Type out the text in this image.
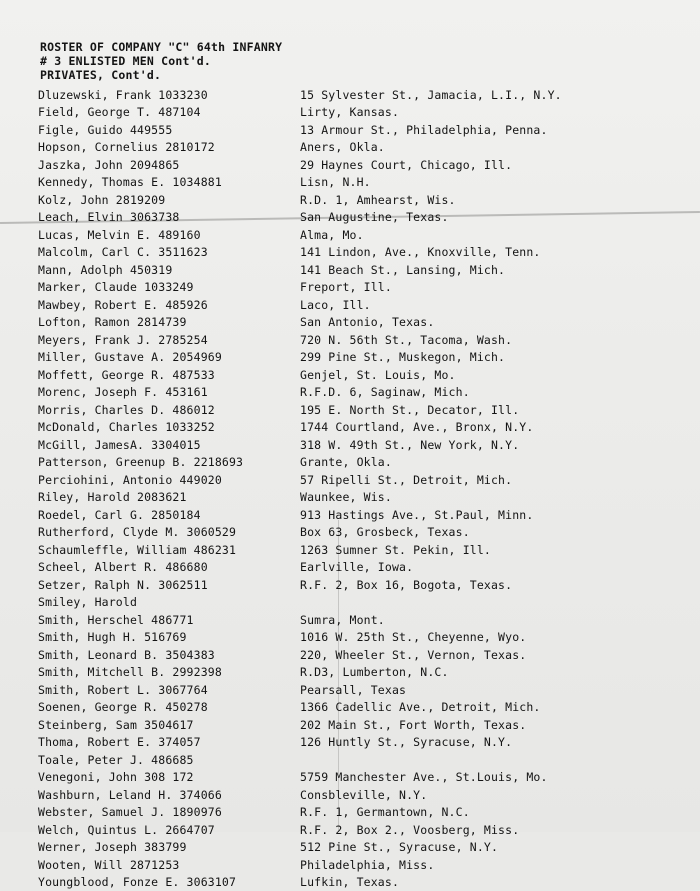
ROSTER OF COMPANY "C" 64th INFANRY
# 3 ENLISTED MEN Cont'd.
PRIVATES, Cont'd.
Dluzewski, Frank 1033230	15 Sylvester St., Jamacia, L.I., N.Y.
Field, George T. 487104	Lirty, Kansas.
Figle, Guido 449555	13 Armour St., Philadelphia, Penna.
Hopson, Cornelius 2810172	Aners, Okla.
Jaszka, John 2094865	29 Haynes Court, Chicago, Ill.
Kennedy, Thomas E. 1034881	Lisn, N.H.
Kolz, John 2819209	R.D. 1, Amhearst, Wis.
Leach, Elvin 3063738	San Augustine, Texas.
Lucas, Melvin E. 489160	Alma, Mo.
Malcolm, Carl C. 3511623	141 Lindon, Ave., Knoxville, Tenn.
Mann, Adolph 450319	141 Beach St., Lansing, Mich.
Marker, Claude 1033249	Freport, Ill.
Mawbey, Robert E. 485926	Laco, Ill.
Lofton, Ramon 2814739	San Antonio, Texas.
Meyers, Frank J. 2785254	720 N. 56th St., Tacoma, Wash.
Miller, Gustave A. 2054969	299 Pine St., Muskegon, Mich.
Moffett, George R. 487533	Genjel, St. Louis, Mo.
Morenc, Joseph F. 453161	R.F.D. 6, Saginaw, Mich.
Morris, Charles D. 486012	195 E. North St., Decator, Ill.
McDonald, Charles 1033252	1744 Courtland, Ave., Bronx, N.Y.
McGill, JamesA. 3304015	318 W. 49th St., New York, N.Y.
Patterson, Greenup B. 2218693	Grante, Okla.
Perciohini, Antonio 449020	57 Ripelli St., Detroit, Mich.
Riley, Harold 2083621	Waunkee, Wis.
Roedel, Carl G. 2850184	913 Hastings Ave., St.Paul, Minn.
Rutherford, Clyde M. 3060529	Box 63, Grosbeck, Texas.
Schaumleffle, William 486231	1263 Sumner St. Pekin, Ill.
Scheel, Albert R. 486680	Earlville, Iowa.
Setzer, Ralph N. 3062511	R.F. 2, Box 16, Bogota, Texas.
Smiley, Harold
Smith, Herschel 486771	Sumra, Mont.
Smith, Hugh H. 516769	1016 W. 25th St., Cheyenne, Wyo.
Smith, Leonard B. 3504383	220, Wheeler St., Vernon, Texas.
Smith, Mitchell B. 2992398	R.D3, Lumberton, N.C.
Smith, Robert L. 3067764	Pearsall, Texas
Soenen, George R. 450278	1366 Cadellic Ave., Detroit, Mich.
Steinberg, Sam 3504617	202 Main St., Fort Worth, Texas.
Thoma, Robert E. 374057	126 Huntly St., Syracuse, N.Y.
Toale, Peter J. 486685
Venegoni, John 308 172	5759 Manchester Ave., St.Louis, Mo.
Washburn, Leland H. 374066	Consbleville, N.Y.
Webster, Samuel J. 1890976	R.F. 1, Germantown, N.C.
Welch, Quintus L. 2664707	R.F. 2, Box 2., Voosberg, Miss.
Werner, Joseph 383799	512 Pine St., Syracuse, N.Y.
Wooten, Will 2871253	Philadelphia, Miss.
Youngblood, Fonze E. 3063107	Lufkin, Texas.
